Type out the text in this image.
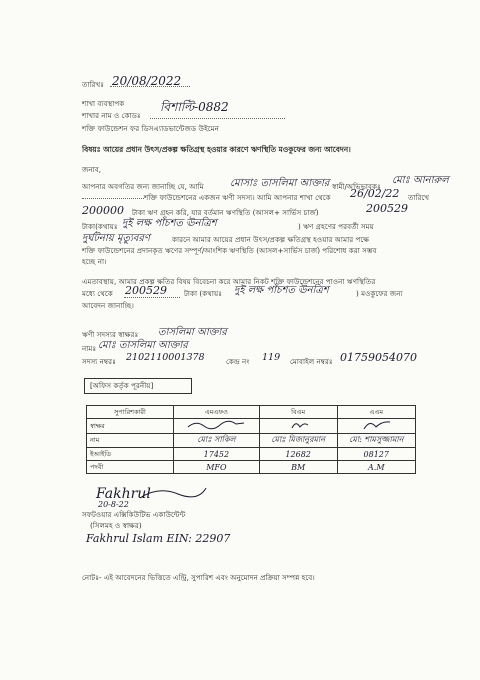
তারিখঃ 20/08/2022
শাখা ব্যবস্থাপক
শাখার নাম ও কোডঃ
বিশাল্টি-0882
শক্তি ফাউন্ডেশন ফর ডিসএ্যাডভান্টেজড উইমেন
বিষয়ঃ আয়ের প্রধান উৎস/প্রকল্প ক্ষতিগ্রস্থ হওয়ার কারণে ঋণস্থিতি মওকুফের জন্য আবেদন।
জনাব,
আপনার অবগতির জন্য জানাচ্ছি যে, আমি	মোসাঃ তাসলিমা আক্তার স্বামী/অভিভাবকঃ
মোঃ আনারুল
শক্তি ফাউন্ডেশনের একজন ঋণী সদস্য। আমি আপনার শাখা থেকে 26/02/22 তারিখে
200000 টাকা ঋণ গ্রহন করি, যার বর্তমান ঋণস্থিতি (আসল+ সার্ভিস চার্জ)	200529
টাকা(কথায়ঃ দুই লক্ষ পাঁচশত ঊনত্রিশ	) ঋণ গ্রহণের পরবর্তী সময়
দুর্ঘটনায় মৃত্যুবরণ	কারনে আমার আয়ের প্রধান উৎস/প্রকল্প ক্ষতিগ্রস্থ হওয়ার আমার পক্ষে
শক্তি ফাউন্ডেশনের প্রদানকৃত ঋণের সম্পূর্ণ/আংশিক ঋণস্থিতি (আসল+সার্ভিস চার্জ) পরিশোধ করা সম্ভব
হচ্ছে না।
এমতাবস্থায়, আমার প্রকল্প ক্ষতির বিষয় বিবেচনা করে আমার নিকট শক্তি ফাউন্ডেশনের পাওনা ঋণস্থিতির
মধ্যে থেকে 200529 টাকা (কথায়ঃ দুই লক্ষ পাঁচশত ঊনত্রিশ	) মওকুফের জন্য
আবেদন জানাচ্ছি।
ঋণী সদস্যর স্বাক্ষরঃ তাসলিমা আক্তার
নামঃ মোঃ তাসলিমা আক্তার
সদস্য নম্বরঃ 2102110001378	কেন্দ্র নং 119 মোবাইল নম্বরঃ 01759054070
[অফিস কর্তৃক পূরনীয়]
সুপারিশকারী	এমএফও	বিএম	এএম
স্বাক্ষর			
নাম	মোঃ সাকিল	মোঃ মিজানুরমান	মো: শামসুজ্জামান
ইআইডি	17452	12682	08127
পদবী	MFO	BM	A.M
Fakhrul
20-8-22
সফটওয়ার এক্সিকিউটিভ একাউন্টেন্ট
(সিলমহ ও স্বাক্ষর)
Fakhrul Islam EIN: 22907
নোটঃ- এই আবেদনের ভিত্তিতে এন্ট্রি, সুপারিশ এবং অনুমোদন প্রক্রিয়া সম্পন্ন হবে।
